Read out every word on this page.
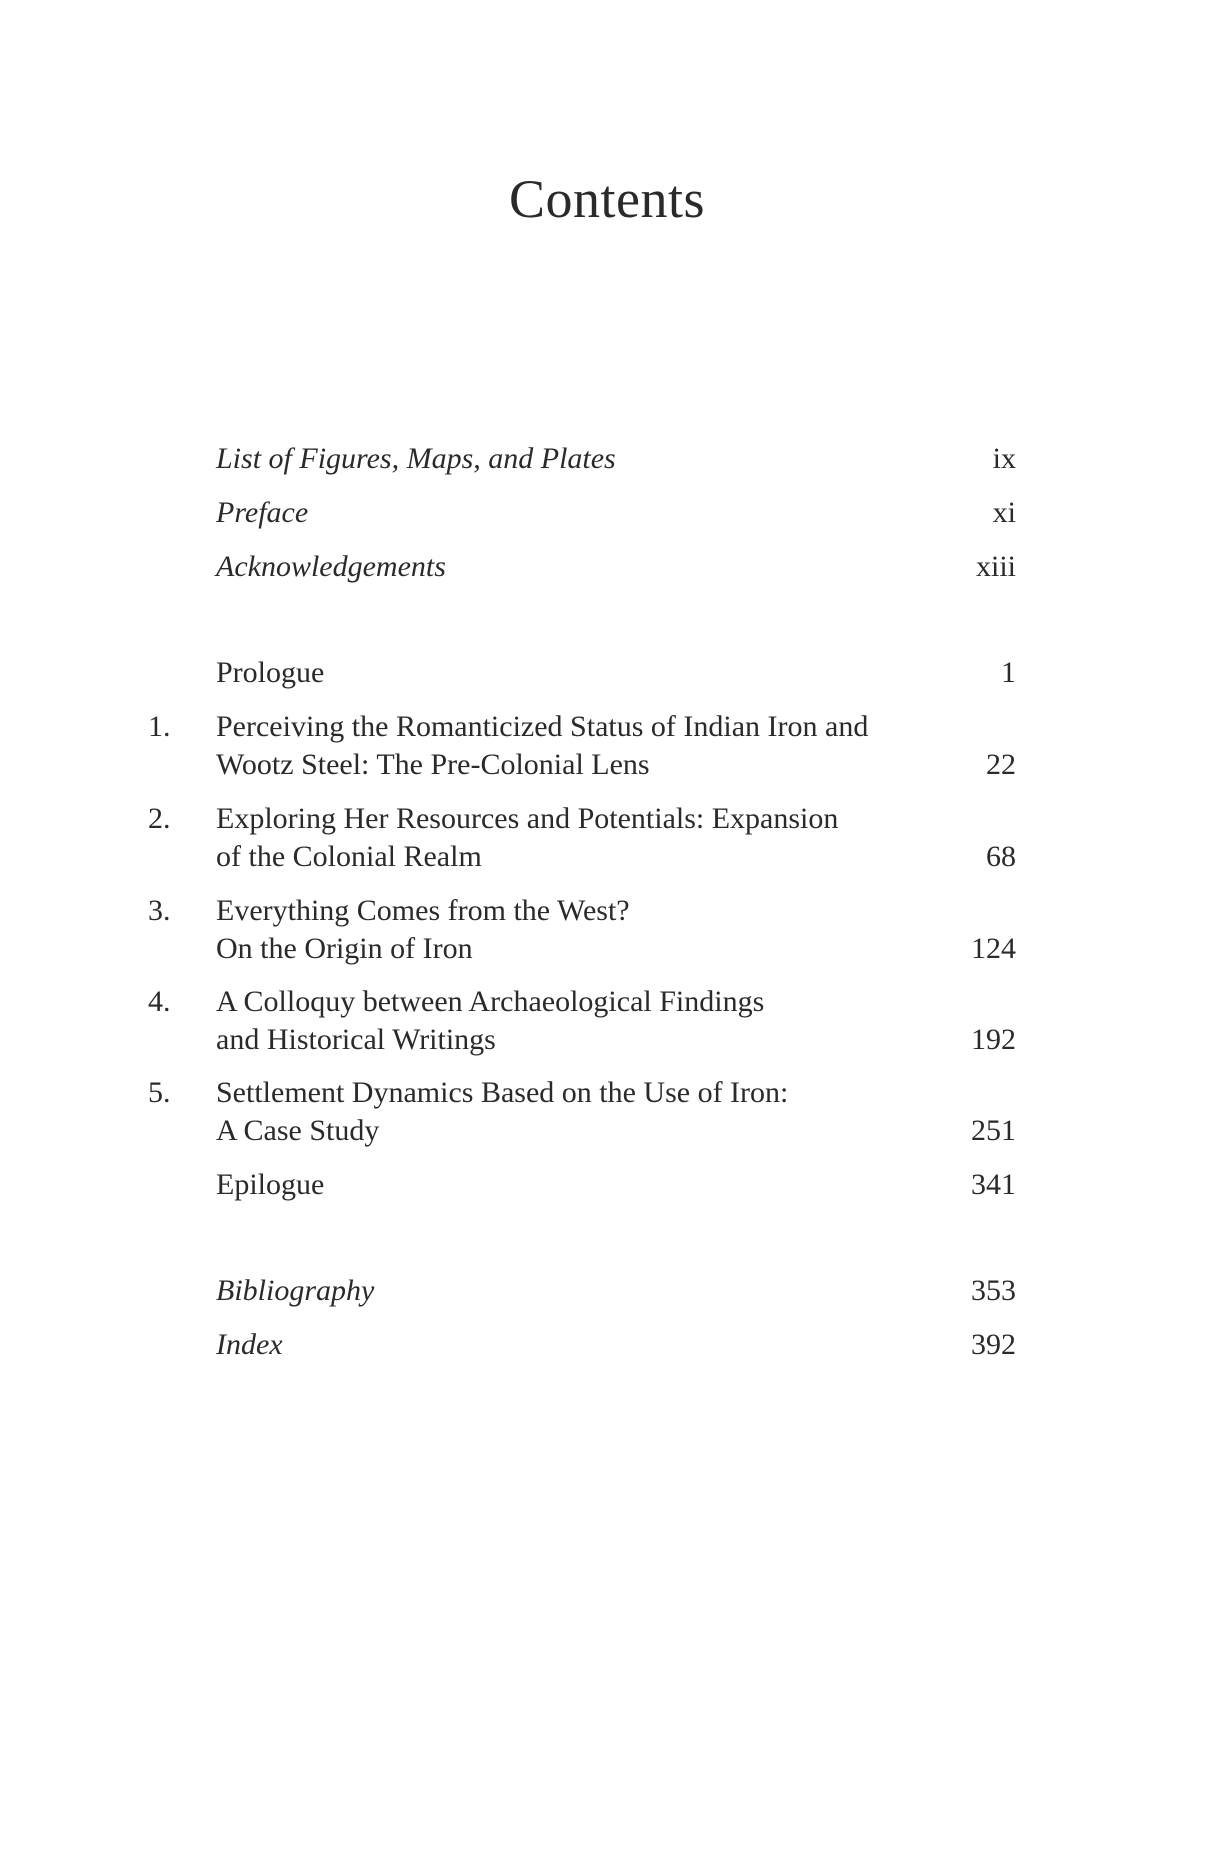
Contents
List of Figures, Maps, and Plates	ix
Preface	xi
Acknowledgements	xiii
Prologue	1
1.	Perceiving the Romanticized Status of Indian Iron and
Wootz Steel: The Pre-Colonial Lens	22
2.	Exploring Her Resources and Potentials: Expansion
of the Colonial Realm	68
3.	Everything Comes from the West?
On the Origin of Iron	124
4.	A Colloquy between Archaeological Findings
and Historical Writings	192
5.	Settlement Dynamics Based on the Use of Iron:
A Case Study	251
Epilogue	341
Bibliography	353
Index	392
